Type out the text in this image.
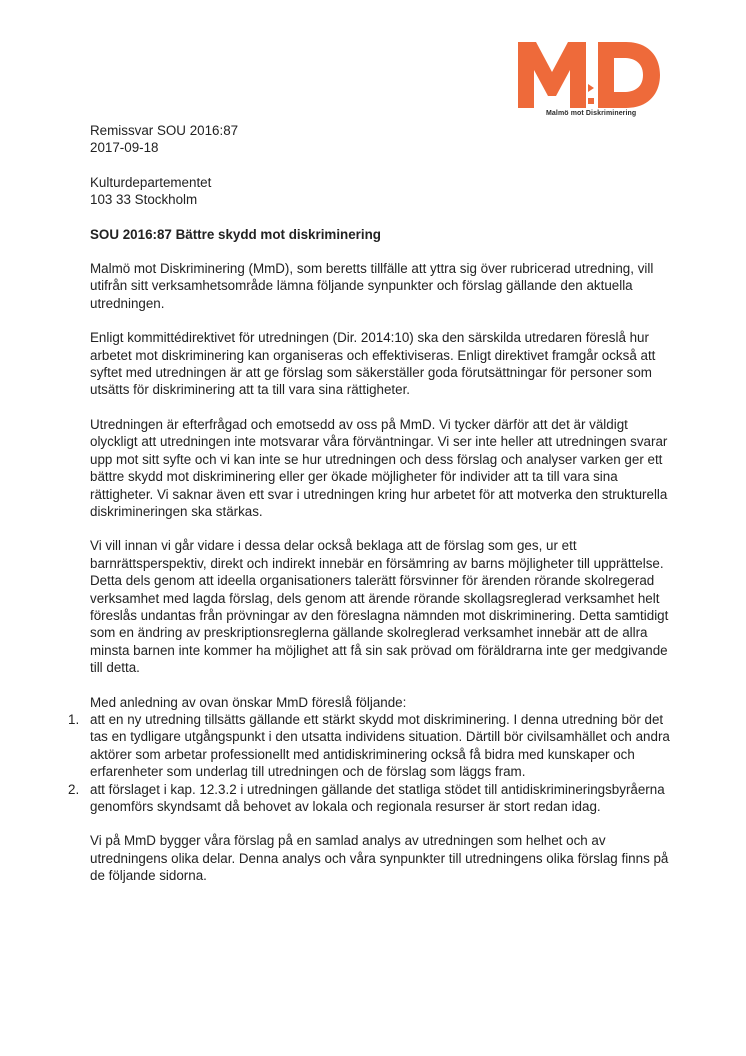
Malmö mot Diskriminering

Remissvar SOU 2016:87

2017-09-18

Kulturdepartementet

103 33 Stockholm

SOU 2016:87 Bättre skydd mot diskriminering

Malmö mot Diskriminering (MmD), som beretts tillfälle att yttra sig över rubricerad utredning, vill utifrån sitt verksamhetsområde lämna följande synpunkter och förslag gällande den aktuella utredningen.

Enligt kommittédirektivet för utredningen (Dir. 2014:10) ska den särskilda utredaren föreslå hur arbetet mot diskriminering kan organiseras och effektiviseras. Enligt direktivet framgår också att syftet med utredningen är att ge förslag som säkerställer goda förutsättningar för personer som utsätts för diskriminering att ta till vara sina rättigheter.

Utredningen är efterfrågad och emotsedd av oss på MmD. Vi tycker därför att det är väldigt olyckligt att utredningen inte motsvarar våra förväntningar. Vi ser inte heller att utredningen svarar upp mot sitt syfte och vi kan inte se hur utredningen och dess förslag och analyser varken ger ett bättre skydd mot diskriminering eller ger ökade möjligheter för individer att ta till vara sina rättigheter. Vi saknar även ett svar i utredningen kring hur arbetet för att motverka den strukturella diskrimineringen ska stärkas.

Vi vill innan vi går vidare i dessa delar också beklaga att de förslag som ges, ur ett barnrättsperspektiv, direkt och indirekt innebär en försämring av barns möjligheter till upprättelse. Detta dels genom att ideella organisationers talerätt försvinner för ärenden rörande skolregerad verksamhet med lagda förslag, dels genom att ärende rörande skollagsreglerad verksamhet helt föreslås undantas från prövningar av den föreslagna nämnden mot diskriminering. Detta samtidigt som en ändring av preskriptionsreglerna gällande skolreglerad verksamhet innebär att de allra minsta barnen inte kommer ha möjlighet att få sin sak prövad om föräldrarna inte ger medgivande till detta.

Med anledning av ovan önskar MmD föreslå följande:

1. att en ny utredning tillsätts gällande ett stärkt skydd mot diskriminering. I denna utredning bör det tas en tydligare utgångspunkt i den utsatta individens situation. Därtill bör civilsamhället och andra aktörer som arbetar professionellt med antidiskriminering också få bidra med kunskaper och erfarenheter som underlag till utredningen och de förslag som läggs fram.
2. att förslaget i kap. 12.3.2 i utredningen gällande det statliga stödet till antidiskrimineringsbyråerna genomförs skyndsamt då behovet av lokala och regionala resurser är stort redan idag.

Vi på MmD bygger våra förslag på en samlad analys av utredningen som helhet och av utredningens olika delar. Denna analys och våra synpunkter till utredningens olika förslag finns på de följande sidorna.
